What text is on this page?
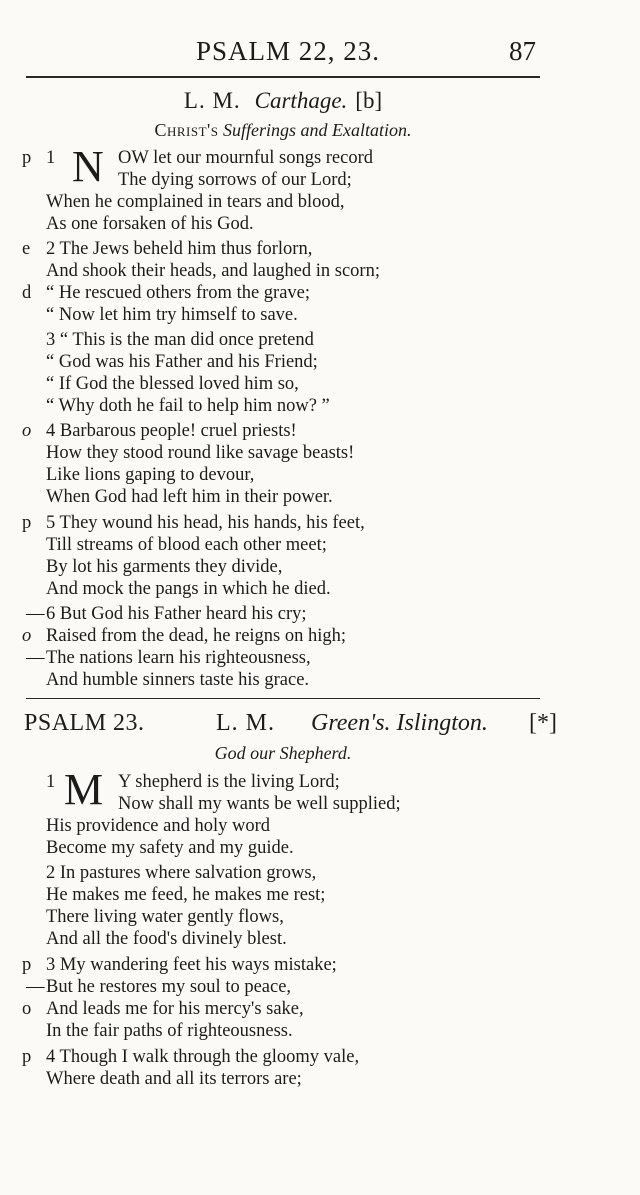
PSALM 22, 23.	87
L. M. Carthage. [b]
Christ's Sufferings and Exaltation.
p 1 N OW let our mournful songs record
The dying sorrows of our Lord;
When he complained in tears and blood,
As one forsaken of his God.
e 2 The Jews beheld him thus forlorn,
And shook their heads, and laughed in scorn;
d “ He rescued others from the grave;
“ Now let him try himself to save.
3 “ This is the man did once pretend
“ God was his Father and his Friend;
“ If God the blessed loved him so,
“ Why doth he fail to help him now? ”
o 4 Barbarous people! cruel priests!
How they stood round like savage beasts!
Like lions gaping to devour,
When God had left him in their power.
p 5 They wound his head, his hands, his feet,
Till streams of blood each other meet;
By lot his garments they divide,
And mock the pangs in which he died.
— 6 But God his Father heard his cry;
o Raised from the dead, he reigns on high;
— The nations learn his righteousness,
And humble sinners taste his grace.
PSALM 23.	L. M. Green's. Islington. [*]
God our Shepherd.
1 M Y shepherd is the living Lord;
Now shall my wants be well supplied;
His providence and holy word
Become my safety and my guide.
2 In pastures where salvation grows,
He makes me feed, he makes me rest;
There living water gently flows,
And all the food's divinely blest.
p 3 My wandering feet his ways mistake;
— But he restores my soul to peace,
o And leads me for his mercy's sake,
In the fair paths of righteousness.
p 4 Though I walk through the gloomy vale,
Where death and all its terrors are;
